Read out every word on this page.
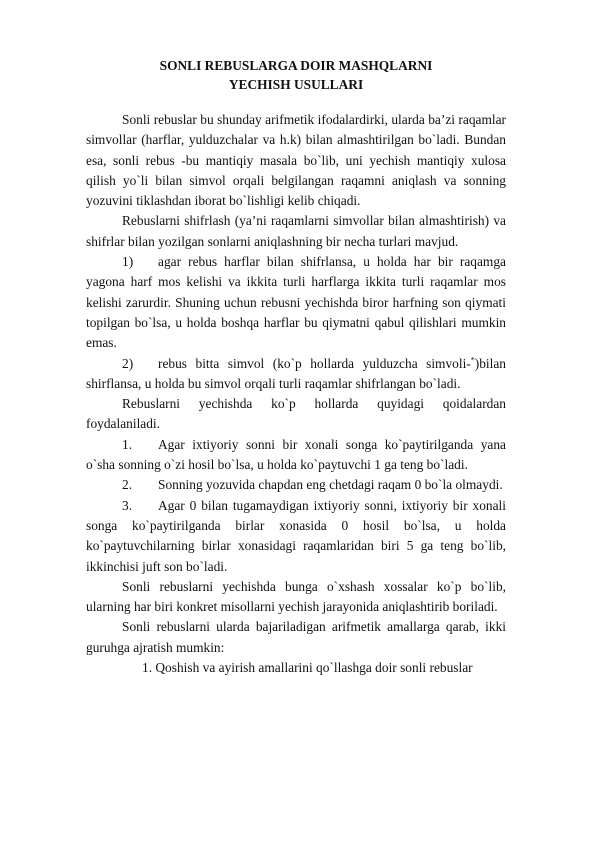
SONLI REBUSLARGA DOIR MASHQLARNI
YECHISH USULLARI

Sonli rebuslar bu shunday arifmetik ifodalardirki, ularda ba’zi raqamlar simvollar (harflar, yulduzchalar va h.k) bilan almashtirilgan bo`ladi. Bundan esa, sonli rebus -bu mantiqiy masala bo`lib, uni yechish mantiqiy xulosa qilish yo`li bilan simvol orqali belgilangan raqamni aniqlash va sonning yozuvini tiklashdan iborat bo`lishligi kelib chiqadi.

Rebuslarni shifrlash (ya’ni raqamlarni simvollar bilan almashtirish) va shifrlar bilan yozilgan sonlarni aniqlashning bir necha turlari mavjud.

1) agar rebus harflar bilan shifrlansa, u holda har bir raqamga yagona harf mos kelishi va ikkita turli harflarga ikkita turli raqamlar mos kelishi zarurdir. Shuning uchun rebusni yechishda biror harfning son qiymati topilgan bo`lsa, u holda boshqa harflar bu qiymatni qabul qilishlari mumkin emas.

2) rebus bitta simvol (ko`p hollarda yulduzcha simvoli-*)bilan shirflansa, u holda bu simvol orqali turli raqamlar shifrlangan bo`ladi.

Rebuslarni yechishda ko`p hollarda quyidagi qoidalardan foydalaniladi.

1. Agar ixtiyoriy sonni bir xonali songa ko`paytirilganda yana o`sha sonning o`zi hosil bo`lsa, u holda ko`paytuvchi 1 ga teng bo`ladi.

2. Sonning yozuvida chapdan eng chetdagi raqam 0 bo`la olmaydi.

3. Agar 0 bilan tugamaydigan ixtiyoriy sonni, ixtiyoriy bir xonali songa ko`paytirilganda birlar xonasida 0 hosil bo`lsa, u holda ko`paytuvchilarning birlar xonasidagi raqamlaridan biri 5 ga teng bo`lib, ikkinchisi juft son bo`ladi.

Sonli rebuslarni yechishda bunga o`xshash xossalar ko`p bo`lib, ularning har biri konkret misollarni yechish jarayonida aniqlashtirib boriladi.

Sonli rebuslarni ularda bajariladigan arifmetik amallarga qarab, ikki guruhga ajratish mumkin:

1. Qoshish va ayirish amallarini qo`llashga doir sonli rebuslar
